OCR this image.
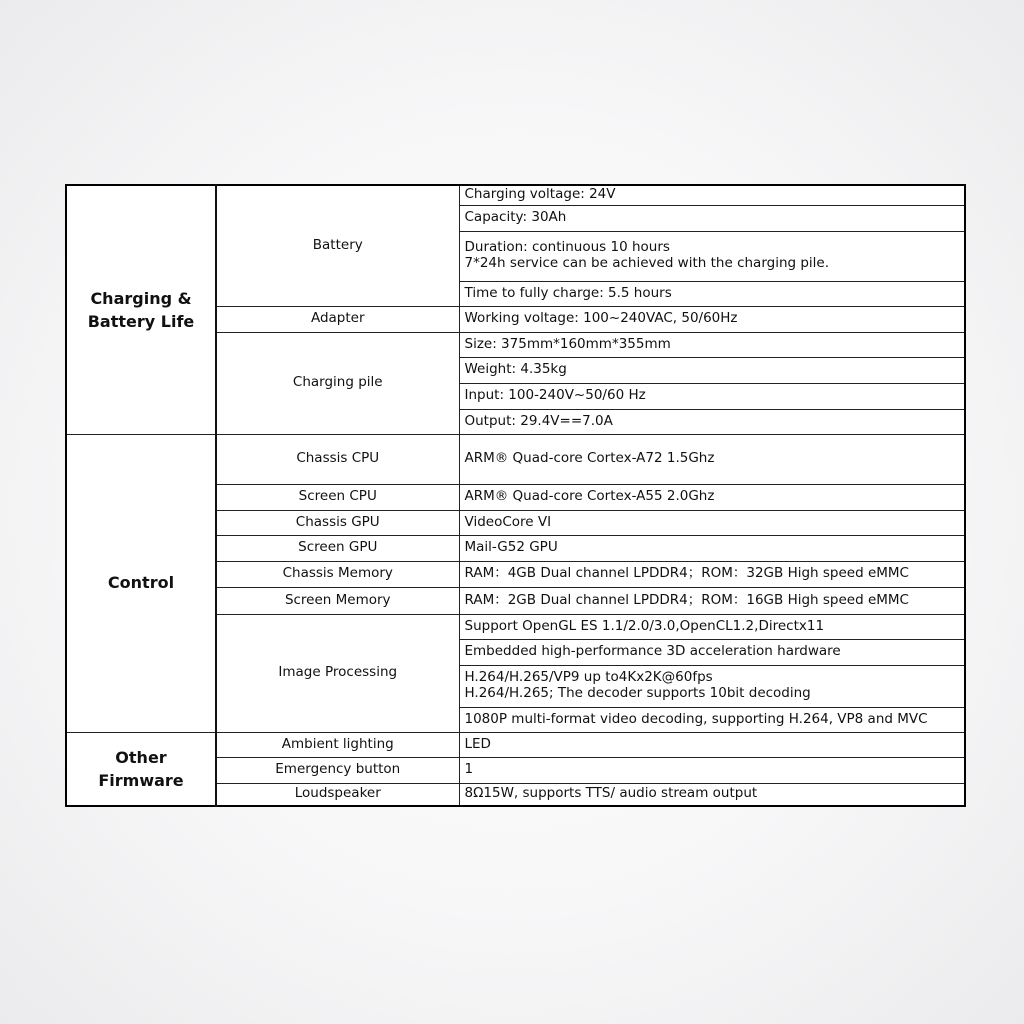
Charging &
Battery Life	Battery	Charging voltage: 24V

		Capacity: 30Ah

		Duration: continuous 10 hours
7*24h service can be achieved with the charging pile.

		Time to fully charge: 5.5 hours

	Adapter	Working voltage: 100~240VAC, 50/60Hz

	Charging pile	Size: 375mm*160mm*355mm

		Weight: 4.35kg

		Input: 100-240V~50/60 Hz

		Output: 29.4V==7.0A

Control	Chassis CPU	ARM® Quad-core Cortex-A72 1.5Ghz

	Screen CPU	ARM® Quad-core Cortex-A55 2.0Ghz

	Chassis GPU	VideoCore VI

	Screen GPU	Mail-G52 GPU

	Chassis Memory	RAM：4GB Dual channel LPDDR4；ROM：32GB High speed eMMC

	Screen Memory	RAM：2GB Dual channel LPDDR4；ROM：16GB High speed eMMC

	Image Processing	Support OpenGL ES 1.1/2.0/3.0,OpenCL1.2,Directx11

		Embedded high-performance 3D acceleration hardware

		H.264/H.265/VP9 up to4Kx2K@60fps
H.264/H.265; The decoder supports 10bit decoding

		1080P multi-format video decoding, supporting H.264, VP8 and MVC

Other Firmware	Ambient lighting	LED

	Emergency button	1

	Loudspeaker	8Ω15W, supports TTS/ audio stream output
